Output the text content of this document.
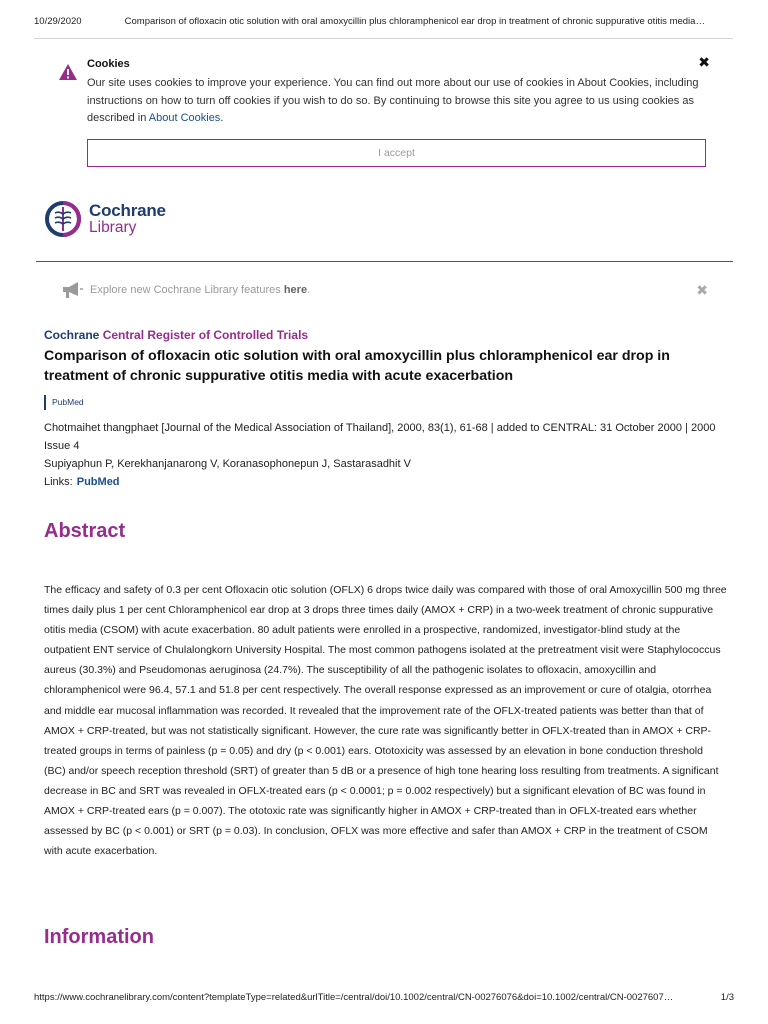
10/29/2020	Comparison of ofloxacin otic solution with oral amoxycillin plus chloramphenicol ear drop in treatment of chronic suppurative otitis media…
✖
Cookies
Our site uses cookies to improve your experience. You can find out more about our use of cookies in About Cookies, including instructions on how to turn off cookies if you wish to do so. By continuing to browse this site you agree to us using cookies as described in About Cookies.
I accept
Cochrane
Library
Explore new Cochrane Library features here.	✖
Cochrane Central Register of Controlled Trials
Comparison of ofloxacin otic solution with oral amoxycillin plus chloramphenicol ear drop in treatment of chronic suppurative otitis media with acute exacerbation
PubMed
Chotmaihet thangphaet [Journal of the Medical Association of Thailand], 2000, 83(1), 61-68 | added to CENTRAL: 31 October 2000 | 2000 Issue 4
Supiyaphun P, Kerekhanjanarong V, Koranasophonepun J, Sastarasadhit V
Links: PubMed
Abstract

The efficacy and safety of 0.3 per cent Ofloxacin otic solution (OFLX) 6 drops twice daily was compared with those of oral Amoxycillin 500 mg three times daily plus 1 per cent Chloramphenicol ear drop at 3 drops three times daily (AMOX + CRP) in a two-week treatment of chronic suppurative otitis media (CSOM) with acute exacerbation. 80 adult patients were enrolled in a prospective, randomized, investigator-blind study at the outpatient ENT service of Chulalongkorn University Hospital. The most common pathogens isolated at the pretreatment visit were Staphylococcus aureus (30.3%) and Pseudomonas aeruginosa (24.7%). The susceptibility of all the pathogenic isolates to ofloxacin, amoxycillin and chloramphenicol were 96.4, 57.1 and 51.8 per cent respectively. The overall response expressed as an improvement or cure of otalgia, otorrhea and middle ear mucosal inflammation was recorded. It revealed that the improvement rate of the OFLX-treated patients was better than that of AMOX + CRP-treated, but was not statistically significant. However, the cure rate was significantly better in OFLX-treated than in AMOX + CRP-treated groups in terms of painless (p = 0.05) and dry (p < 0.001) ears. Ototoxicity was assessed by an elevation in bone conduction threshold (BC) and/or speech reception threshold (SRT) of greater than 5 dB or a presence of high tone hearing loss resulting from treatments. A significant decrease in BC and SRT was revealed in OFLX-treated ears (p < 0.0001; p = 0.002 respectively) but a significant elevation of BC was found in AMOX + CRP-treated ears (p = 0.007). The ototoxic rate was significantly higher in AMOX + CRP-treated than in OFLX-treated ears whether assessed by BC (p < 0.001) or SRT (p = 0.03). In conclusion, OFLX was more effective and safer than AMOX + CRP in the treatment of CSOM with acute exacerbation.

Information
https://www.cochranelibrary.com/content?templateType=related&urlTitle=/central/doi/10.1002/central/CN-00276076&doi=10.1002/central/CN-0027607…	1/3
